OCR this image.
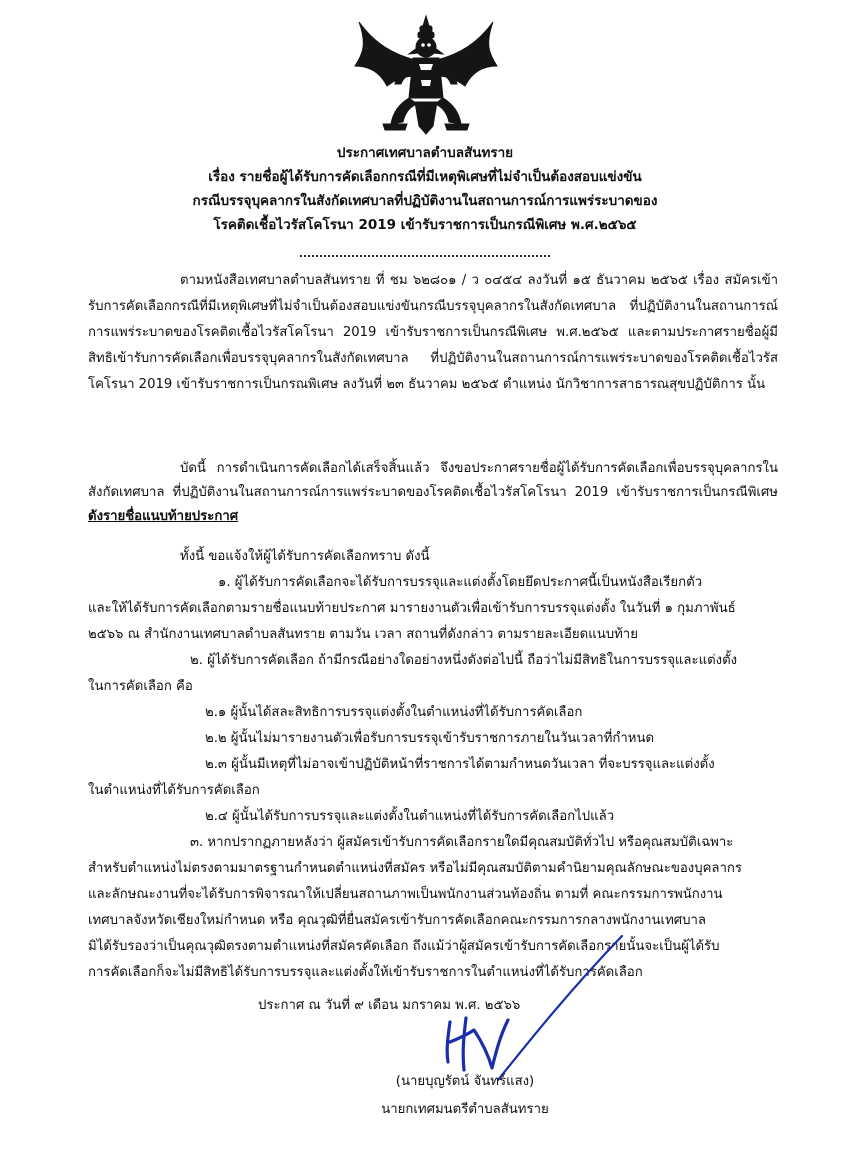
ประกาศเทศบาลตำบลสันทราย
เรื่อง รายชื่อผู้ได้รับการคัดเลือกกรณีที่มีเหตุพิเศษที่ไม่จำเป็นต้องสอบแข่งขัน
กรณีบรรจุบุคลากรในสังกัดเทศบาลที่ปฏิบัติงานในสถานการณ์การแพร่ระบาดของ
โรคติดเชื้อไวรัสโคโรนา 2019 เข้ารับราชการเป็นกรณีพิเศษ พ.ศ.๒๕๖๕

ตามหนังสือเทศบาลตำบลสันทราย ที่ ชม ๖๒๘๐๑ / ว ๐๔๕๔ ลงวันที่ ๑๕ ธันวาคม ๒๕๖๕ เรื่อง สมัครเข้ารับการคัดเลือกกรณีที่มีเหตุพิเศษที่ไม่จำเป็นต้องสอบแข่งขันกรณีบรรจุบุคลากรในสังกัดเทศบาล ที่ปฏิบัติงานในสถานการณ์การแพร่ระบาดของโรคติดเชื้อไวรัสโคโรนา 2019 เข้ารับราชการเป็นกรณีพิเศษ พ.ศ.๒๕๖๕ และตามประกาศรายชื่อผู้มีสิทธิเข้ารับการคัดเลือกเพื่อบรรจุบุคลากรในสังกัดเทศบาล ที่ปฏิบัติงานในสถานการณ์การแพร่ระบาดของโรคติดเชื้อไวรัสโคโรนา 2019 เข้ารับราชการเป็นกรณพิเศษ ลงวันที่ ๒๓ ธันวาคม ๒๕๖๕ ตำแหน่ง นักวิชาการสาธารณสุขปฏิบัติการ นั้น

บัดนี้ การดำเนินการคัดเลือกได้เสร็จสิ้นแล้ว จึงขอประกาศรายชื่อผู้ได้รับการคัดเลือกเพื่อบรรจุบุคลากรในสังกัดเทศบาล ที่ปฏิบัติงานในสถานการณ์การแพร่ระบาดของโรคติดเชื้อไวรัสโคโรนา 2019 เข้ารับราชการเป็นกรณีพิเศษ ดังรายชื่อแนบท้ายประกาศ

ทั้งนี้ ขอแจ้งให้ผู้ได้รับการคัดเลือกทราบ ดังนี้
๑. ผู้ได้รับการคัดเลือกจะได้รับการบรรจุและแต่งตั้งโดยยึดประกาศนี้เป็นหนังสือเรียกตัว
และให้ได้รับการคัดเลือกตามรายชื่อแนบท้ายประกาศ มารายงานตัวเพื่อเข้ารับการบรรจุแต่งตั้ง ในวันที่ ๑ กุมภาพันธ์
๒๕๖๖ ณ สำนักงานเทศบาลตำบลสันทราย ตามวัน เวลา สถานที่ดังกล่าว ตามรายละเอียดแนบท้าย
๒. ผู้ได้รับการคัดเลือก ถ้ามีกรณีอย่างใดอย่างหนึ่งดังต่อไปนี้ ถือว่าไม่มีสิทธิในการบรรจุและแต่งตั้ง
ในการคัดเลือก คือ
๒.๑ ผู้นั้นได้สละสิทธิการบรรจุแต่งตั้งในตำแหน่งที่ได้รับการคัดเลือก
๒.๒ ผู้นั้นไม่มารายงานตัวเพื่อรับการบรรจุเข้ารับราชการภายในวันเวลาที่กำหนด
๒.๓ ผู้นั้นมีเหตุที่ไม่อาจเข้าปฏิบัติหน้าที่ราชการได้ตามกำหนดวันเวลา ที่จะบรรจุและแต่งตั้ง
ในตำแหน่งที่ได้รับการคัดเลือก
๒.๔ ผู้นั้นได้รับการบรรจุและแต่งตั้งในตำแหน่งที่ได้รับการคัดเลือกไปแล้ว
๓. หากปรากฏภายหลังว่า ผู้สมัครเข้ารับการคัดเลือกรายใดมีคุณสมบัติทั่วไป หรือคุณสมบัติเฉพาะ
สำหรับตำแหน่งไม่ตรงตามมาตรฐานกำหนดตำแหน่งที่สมัคร หรือไม่มีคุณสมบัติตามคำนิยามคุณลักษณะของบุคลากร
และลักษณะงานที่จะได้รับการพิจารณาให้เปลี่ยนสถานภาพเป็นพนักงานส่วนท้องถิ่น ตามที่ คณะกรรมการพนักงาน
เทศบาลจังหวัดเชียงใหม่กำหนด หรือ คุณวุฒิที่ยื่นสมัครเข้ารับการคัดเลือกคณะกรรมการกลางพนักงานเทศบาล
มิได้รับรองว่าเป็นคุณวุฒิตรงตามตำแหน่งที่สมัครคัดเลือก ถึงแม้ว่าผู้สมัครเข้ารับการคัดเลือกรายนั้นจะเป็นผู้ได้รับ
การคัดเลือกก็จะไม่มีสิทธิได้รับการบรรจุและแต่งตั้งให้เข้ารับราชการในตำแหน่งที่ได้รับการคัดเลือก
ประกาศ ณ วันที่ ๙ เดือน มกราคม พ.ศ. ๒๕๖๖
(นายบุญรัตน์ จันทร์แสง)
นายกเทศมนตรีตำบลสันทราย
